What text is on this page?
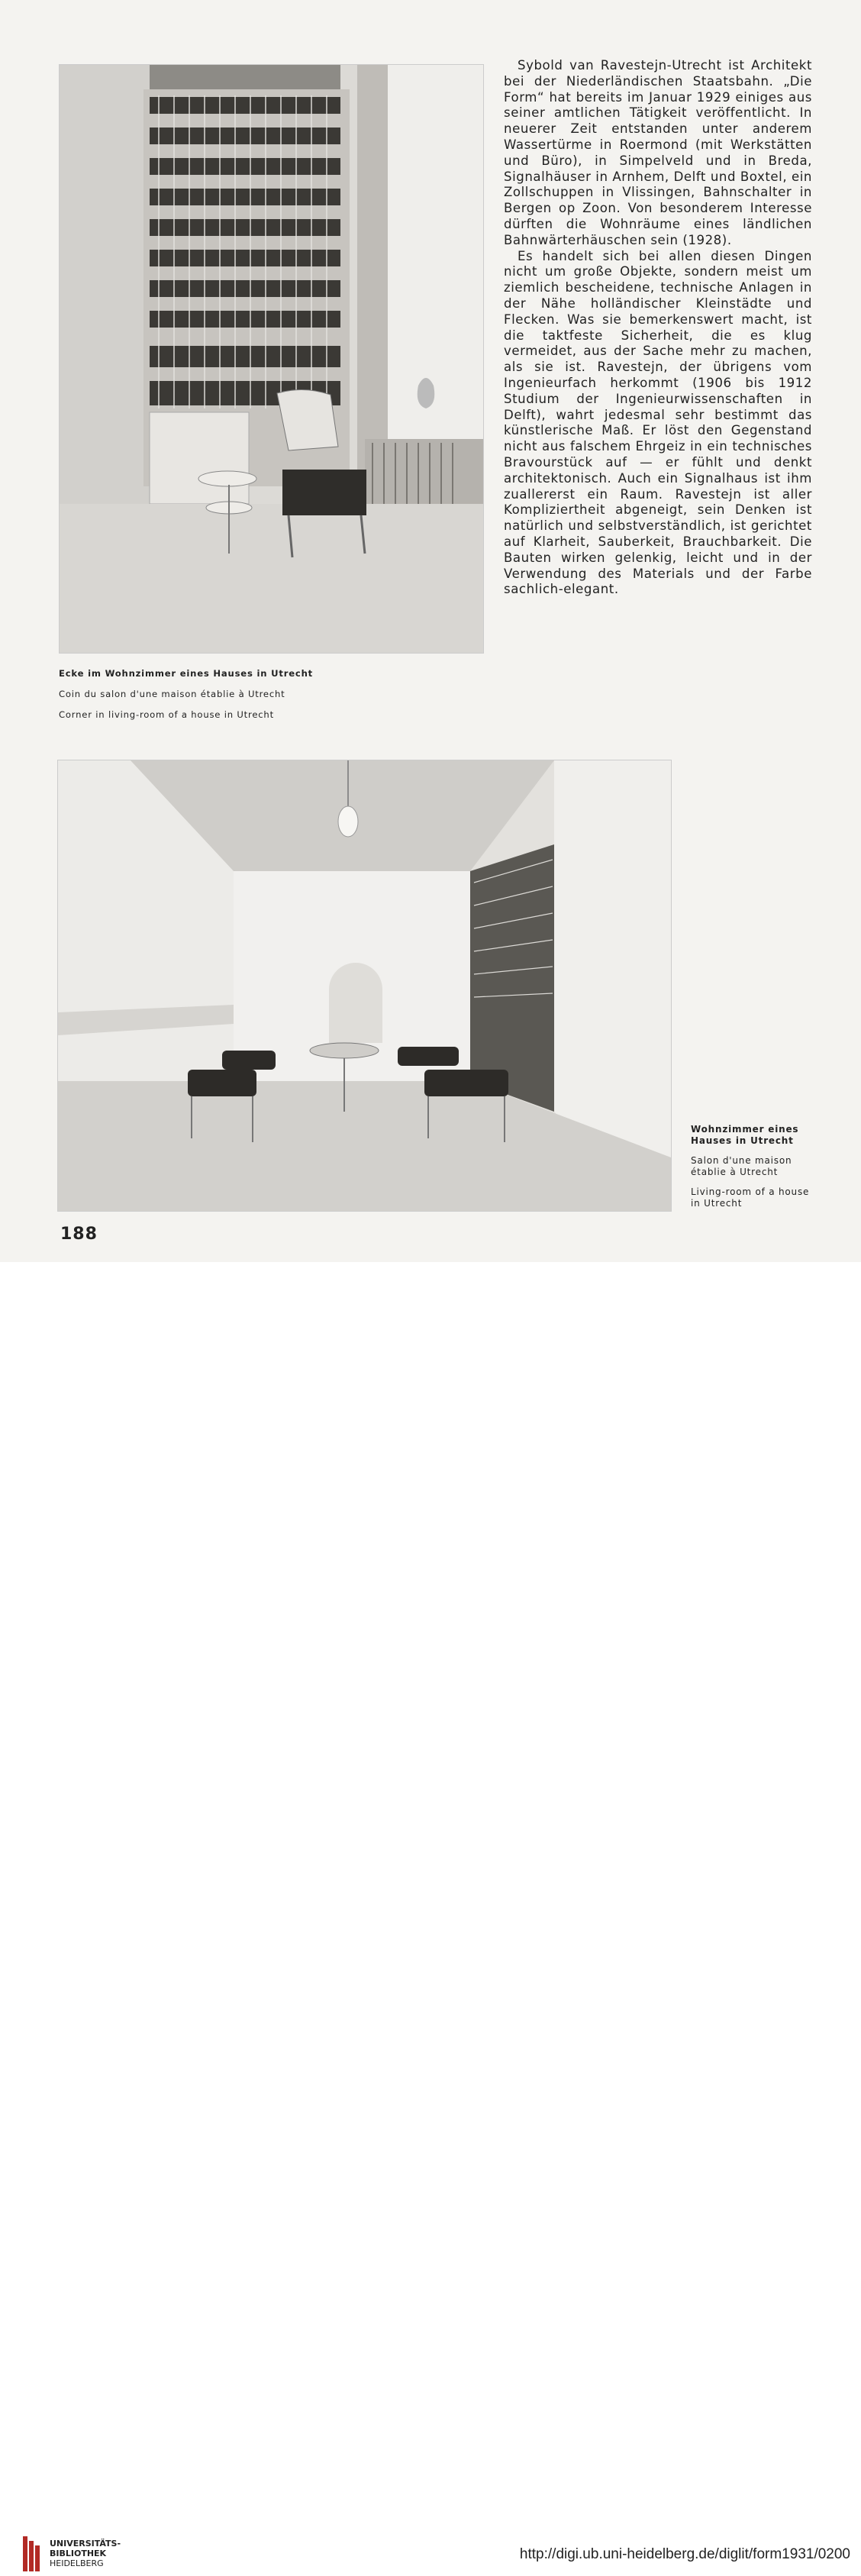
Sybold van Ravestejn-Utrecht ist Architekt bei der Niederländischen Staatsbahn. „Die Form“ hat bereits im Januar 1929 einiges aus seiner amtlichen Tätigkeit veröffentlicht. In neuerer Zeit entstanden unter anderem Wassertürme in Roermond (mit Werkstätten und Büro), in Simpelveld und in Breda, Signalhäuser in Arnhem, Delft und Boxtel, ein Zollschuppen in Vlissingen, Bahnschalter in Bergen op Zoon. Von besonderem Interesse dürften die Wohnräume eines ländlichen Bahnwärterhäuschen sein (1928).

Es handelt sich bei allen diesen Dingen nicht um große Objekte, sondern meist um ziemlich bescheidene, technische Anlagen in der Nähe holländischer Kleinstädte und Flecken. Was sie bemerkenswert macht, ist die taktfeste Sicherheit, die es klug vermeidet, aus der Sache mehr zu machen, als sie ist. Ravestejn, der übrigens vom Ingenieurfach herkommt (1906 bis 1912 Studium der Ingenieurwissenschaften in Delft), wahrt jedesmal sehr bestimmt das künstlerische Maß. Er löst den Gegenstand nicht aus falschem Ehrgeiz in ein technisches Bravourstück auf — er fühlt und denkt architektonisch. Auch ein Signalhaus ist ihm zuallererst ein Raum. Ravestejn ist aller Kompliziertheit abgeneigt, sein Denken ist natürlich und selbstverständlich, ist gerichtet auf Klarheit, Sauberkeit, Brauchbarkeit. Die Bauten wirken gelenkig, leicht und in der Verwendung des Materials und der Farbe sachlich-elegant.

Ecke im Wohnzimmer eines Hauses in Utrecht
Coin du salon d'une maison établie à Utrecht
Corner in living-room of a house in Utrecht
Wohnzimmer eines Hauses in Utrecht
Salon d'une maison établie à Utrecht
Living-room of a house in Utrecht
188
UNIVERSITÄTS-
BIBLIOTHEK
HEIDELBERG
http://digi.ub.uni-heidelberg.de/diglit/form1931/0200
